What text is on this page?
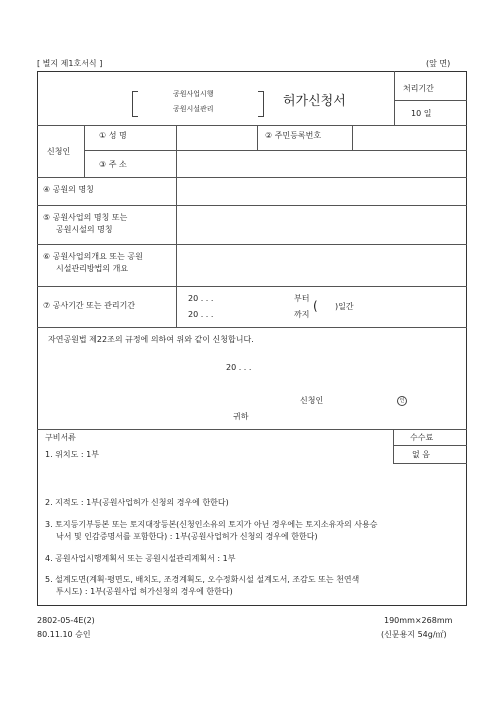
[ 별지 제1호서식 ]	(앞 면)
공원사업시행
공원시설관리	허가신청서
처리기간
10 일
신청인
① 성 명	② 주민등록번호
③ 주 소
④ 공원의 명칭
⑤ 공원사업의 명칭 또는
공원시설의 명칭
⑥ 공원사업의개요 또는 공원
시설관리방법의 개요
⑦ 공사기간 또는 관리기간
20 . . .	부터
( )일간
20 . . .	까지
자연공원법 제22조의 규정에 의하여 위와 같이 신청합니다.
20 . . .
신청인	인
귀하
구비서류	수수료
없 음
1. 위치도 : 1부
2. 지적도 : 1부(공원사업허가 신청의 경우에 한한다)
3. 토지등기부등본 또는 토지대장등본(신청인소유의 토지가 아닌 경우에는 토지소유자의 사용승
낙서 및 인감증명서를 포함한다) : 1부(공원사업허가 신청의 경우에 한한다)
4. 공원사업시행계획서 또는 공원시설관리계획서 : 1부
5. 설계도면(계획·평면도, 배치도, 조경계획도, 오수정화시설 설계도서, 조감도 또는 천연색
투시도) : 1부(공원사업 허가신청의 경우에 한한다)
2802-05-4E(2)
80.11.10 승인
190mm×268mm
(신문용지 54g/㎡)
